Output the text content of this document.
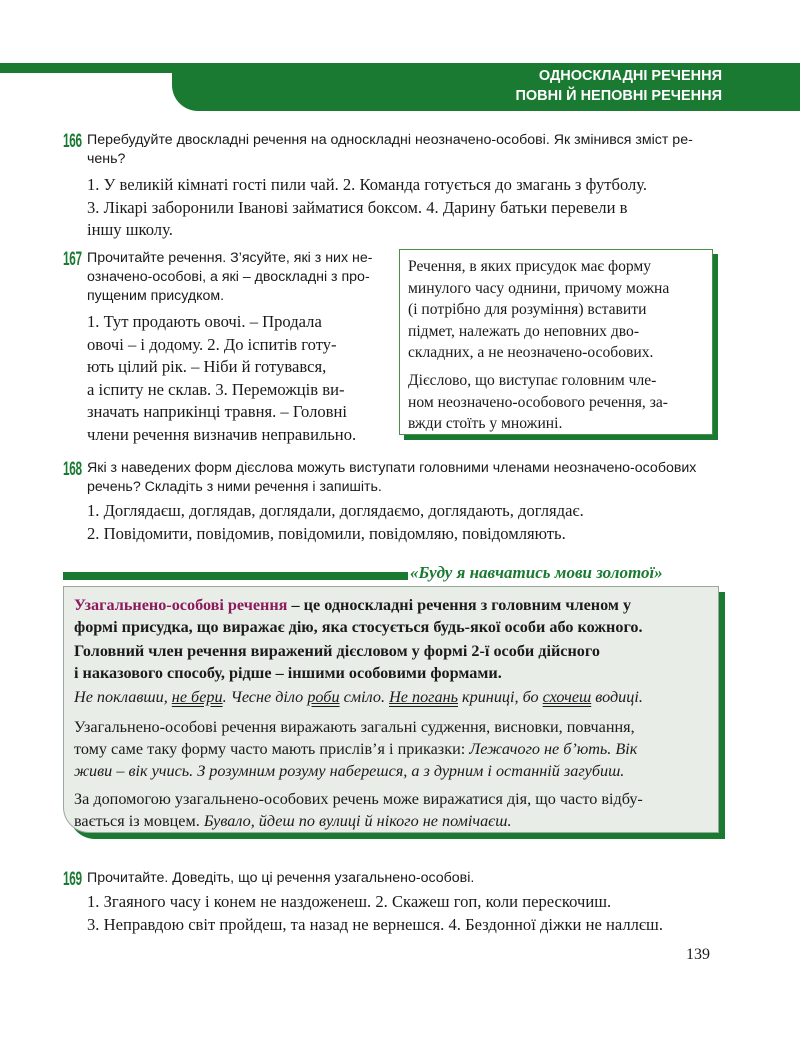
ОДНОСКЛАДНІ РЕЧЕННЯ
ПОВНІ Й НЕПОВНІ РЕЧЕННЯ
166 Перебудуйте двоскладні речення на односкладні неозначено-особові. Як змінився зміст ре-
чень?
1. У великій кімнаті гості пили чай. 2. Команда готується до змагань з футболу.
3. Лікарі заборонили Іванові займатися боксом. 4. Дарину батьки перевели в
іншу школу.
167 Прочитайте речення. З’ясуйте, які з них не-
означено-особові, а які – двоскладні з про-
пущеним присудком.
1. Тут продають овочі. – Продала
овочі – і додому. 2. До іспитів готу-
ють цілий рік. – Ніби й готувався,
а іспиту не склав. 3. Переможців ви-
значать наприкінці травня. – Головні
члени речення визначив неправильно.

Речення, в яких присудок має форму

минулого часу однини, причому можна

(і потрібно для розуміння) вставити

підмет, належать до неповних дво-

складних, а не неозначено-особових.

Дієслово, що виступає головним чле-

ном неозначено-особового речення, за-

вжди стоїть у множині.

168 Які з наведених форм дієслова можуть виступати головними членами неозначено-особових
речень? Складіть з ними речення і запишіть.
1. Доглядаєш, доглядав, доглядали, доглядаємо, доглядають, доглядає.
2. Повідомити, повідомив, повідомили, повідомляю, повідомляють.
«Буду я навчатись мови золотої»
Узагальнено-особові речення – це односкладні речення з головним членом у
формі присудка, що виражає дію, яка стосується будь-якої особи або кожного.
Головний член речення виражений дієсловом у формі 2-ї особи дійсного
і наказового способу, рідше – іншими особовими формами.
Не поклавши, не бери. Чесне діло роби сміло. Не погань криниці, бо схочеш водиці.
Узагальнено-особові речення виражають загальні судження, висновки, повчання,
тому саме таку форму часто мають прислів’я і приказки: Лежачого не б’ють. Вік
живи – вік учись. З розумним розуму наберешся, а з дурним і останній загубиш.
За допомогою узагальнено-особових речень може виражатися дія, що часто відбу-
вається із мовцем. Бувало, йдеш по вулиці й нікого не помічаєш.
169 Прочитайте. Доведіть, що ці речення узагальнено-особові.
1. Згаяного часу і конем не наздоженеш. 2. Скажеш гоп, коли перескочиш.
3. Неправдою світ пройдеш, та назад не вернешся. 4. Бездонної діжки не наллєш.
139
